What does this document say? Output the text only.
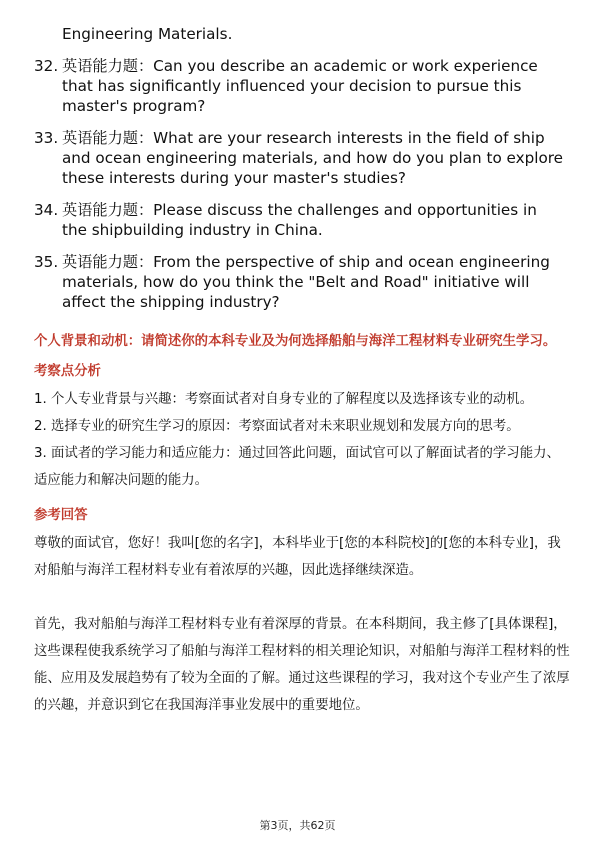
Engineering Materials.
32. 英语能力题：Can you describe an academic or work experience that has significantly influenced your decision to pursue this master's program?
33. 英语能力题：What are your research interests in the field of ship and ocean engineering materials, and how do you plan to explore these interests during your master's studies?
34. 英语能力题：Please discuss the challenges and opportunities in the shipbuilding industry in China.
35. 英语能力题：From the perspective of ship and ocean engineering materials, how do you think the "Belt and Road" initiative will affect the shipping industry?
个人背景和动机：请简述你的本科专业及为何选择船舶与海洋工程材料专业研究生学习。
考察点分析
1. 个人专业背景与兴趣：考察面试者对自身专业的了解程度以及选择该专业的动机。
2. 选择专业的研究生学习的原因：考察面试者对未来职业规划和发展方向的思考。
3. 面试者的学习能力和适应能力：通过回答此问题，面试官可以了解面试者的学习能力、适应能力和解决问题的能力。
参考回答
尊敬的面试官，您好！我叫[您的名字]，本科毕业于[您的本科院校]的[您的本科专业]，我对船舶与海洋工程材料专业有着浓厚的兴趣，因此选择继续深造。
首先，我对船舶与海洋工程材料专业有着深厚的背景。在本科期间，我主修了[具体课程]，这些课程使我系统学习了船舶与海洋工程材料的相关理论知识，对船舶与海洋工程材料的性能、应用及发展趋势有了较为全面的了解。通过这些课程的学习，我对这个专业产生了浓厚的兴趣，并意识到它在我国海洋事业发展中的重要地位。
第3页，共62页
